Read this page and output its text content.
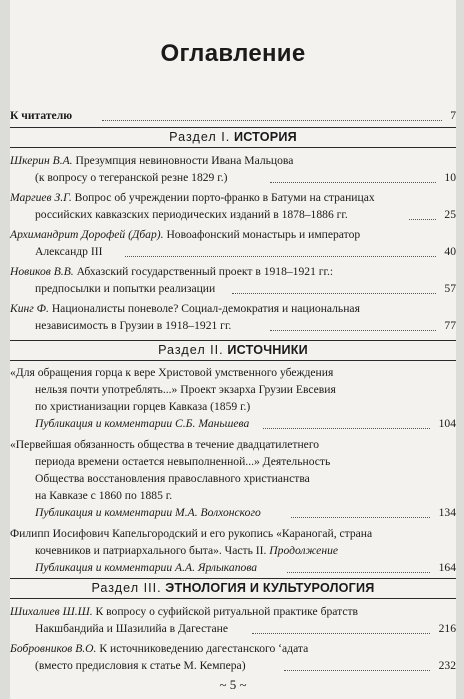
Оглавление
К читателю	7
Раздел I. ИСТОРИЯ
Шкерин В.А. Презумпция невиновности Ивана Мальцова
(к вопросу о тегеранской резне 1829 г.)	10
Маргиев З.Г. Вопрос об учреждении порто-франко в Батуми на страницах
российских кавказских периодических изданий в 1878–1886 гг.	25
Архимандрит Дорофей (Дбар). Новоафонский монастырь и император
Александр III	40
Новиков В.В. Абхазский государственный проект в 1918–1921 гг.:
предпосылки и попытки реализации	57
Кинг Ф. Националисты поневоле? Социал-демократия и национальная
независимость в Грузии в 1918–1921 гг.	77
Раздел II. ИСТОЧНИКИ
«Для обращения горца к вере Христовой умственного убеждения
нельзя почти употреблять...» Проект экзарха Грузии Евсевия
по христианизации горцев Кавказа (1859 г.)
Публикация и комментарии С.Б. Маньшева	104
«Первейшая обязанность общества в течение двадцатилетнего
периода времени остается невыполненной...» Деятельность
Общества восстановления православного христианства
на Кавказе с 1860 по 1885 г.
Публикация и комментарии М.А. Волхонского	134
Филипп Иосифович Капельгородский и его рукопись «Караногай, страна
кочевников и патриархального быта». Часть II. Продолжение
Публикация и комментарии А.А. Ярлыкапова	164
Раздел III. ЭТНОЛОГИЯ И КУЛЬТУРОЛОГИЯ
Шихалиев Ш.Ш. К вопросу о суфийской ритуальной практике братств
Накшбандийа и Шазилийа в Дагестане	216
Бобровников В.О. К источниковедению дагестанского ‘адата
(вместо предисловия к статье М. Кемпера)	232
~ 5 ~
